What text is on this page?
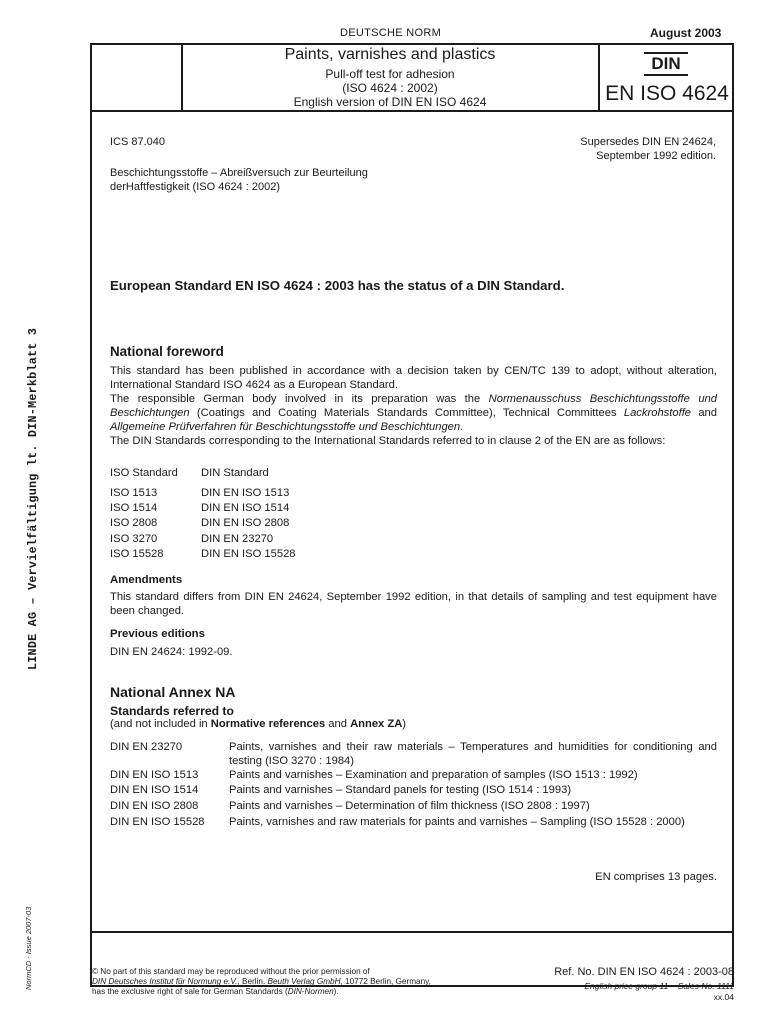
DEUTSCHE NORM	August 2003
Paints, varnishes and plastics
Pull-off test for adhesion
(ISO 4624 : 2002)
English version of DIN EN ISO 4624
DIN
EN ISO 4624
ICS 87.040	Supersedes DIN EN 24624,
September 1992 edition.
Beschichtungsstoffe – Abreißversuch zur Beurteilung
derHaftfestigkeit (ISO 4624 : 2002)
European Standard EN ISO 4624 : 2003 has the status of a DIN Standard.
National foreword
This standard has been published in accordance with a decision taken by CEN/TC 139 to adopt, without alteration, International Standard ISO 4624 as a European Standard.
The responsible German body involved in its preparation was the Normenausschuss Beschichtungsstoffe und Beschichtungen (Coatings and Coating Materials Standards Committee), Technical Committees Lackrohstoffe and Allgemeine Prüfverfahren für Beschichtungsstoffe und Beschichtungen.
The DIN Standards corresponding to the International Standards referred to in clause 2 of the EN are as follows:
ISO Standard DIN Standard
ISO 1513	DIN EN ISO 1513
ISO 1514	DIN EN ISO 1514
ISO 2808	DIN EN ISO 2808
ISO 3270	DIN EN 23270
ISO 15528	DIN EN ISO 15528
Amendments
This standard differs from DIN EN 24624, September 1992 edition, in that details of sampling and test equipment have been changed.
Previous editions
DIN EN 24624: 1992-09.
National Annex NA
Standards referred to
(and not included in Normative references and Annex ZA)
DIN EN 23270	Paints, varnishes and their raw materials – Temperatures and humidities for conditioning and testing (ISO 3270 : 1984)
DIN EN ISO 1513	Paints and varnishes – Examination and preparation of samples (ISO 1513 : 1992)
DIN EN ISO 1514	Paints and varnishes – Standard panels for testing (ISO 1514 : 1993)
DIN EN ISO 2808	Paints and varnishes – Determination of film thickness (ISO 2808 : 1997)
DIN EN ISO 15528	Paints, varnishes and raw materials for paints and varnishes – Sampling (ISO 15528 : 2000)
EN comprises 13 pages.
LINDE AG – Vervielfältigung lt. DIN-Merkblatt 3
NormCD - Issue 2007-03	© No part of this standard may be reproduced without the prior permission of
DIN Deutsches Institut für Normung e.V., Berlin. Beuth Verlag GmbH, 10772 Berlin, Germany,
has the exclusive right of sale for German Standards (DIN-Normen).
Ref. No. DIN EN ISO 4624 : 2003-08
English price group 11 Sales No. 1111
xx.04
